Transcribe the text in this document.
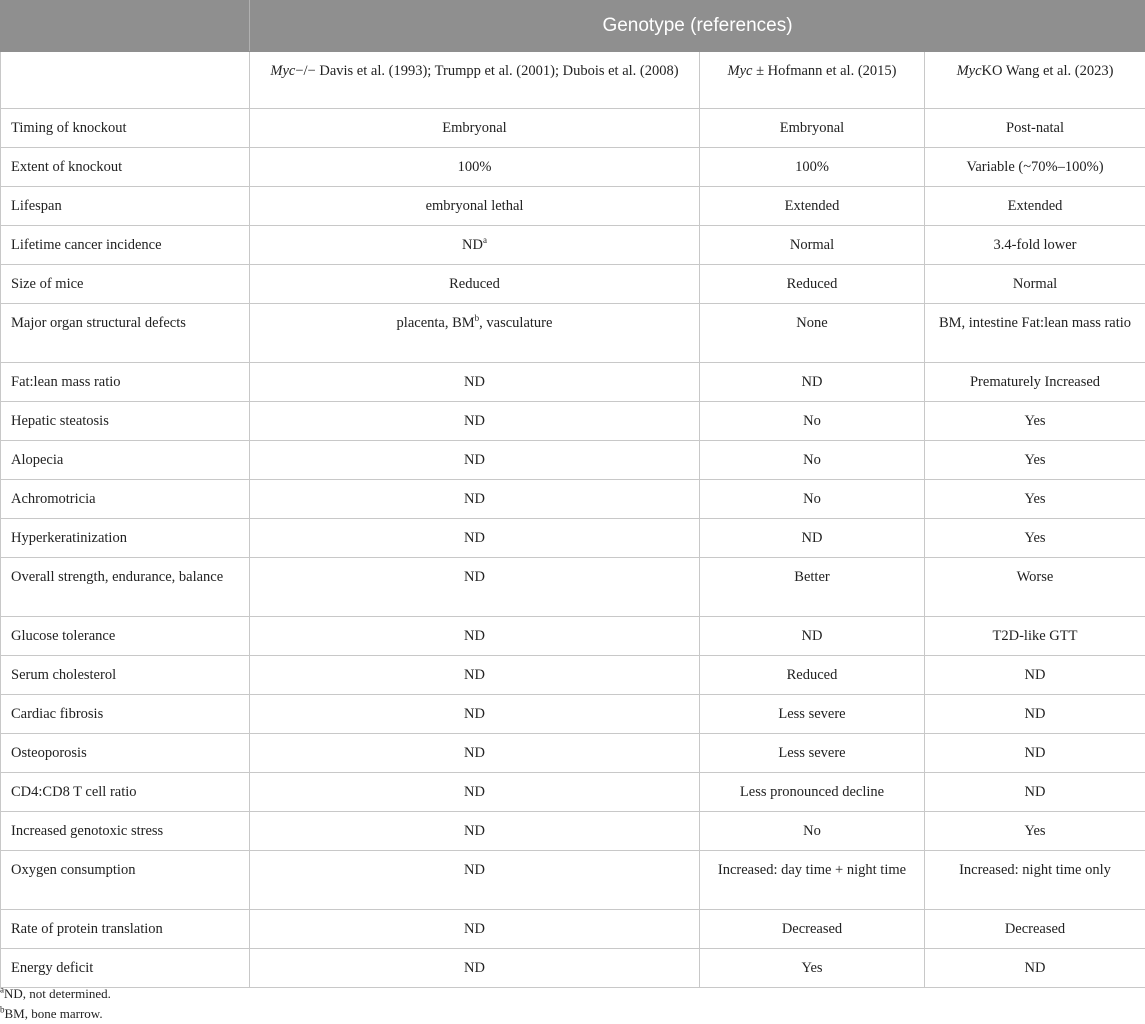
	Genotype (references)		
	Myc−/− Davis et al. (1993); Trumpp et al. (2001); Dubois et al. (2008)	Myc ± Hofmann et al. (2015)	MycKO Wang et al. (2023)
Timing of knockout	Embryonal	Embryonal	Post-natal
Extent of knockout	100%	100%	Variable (~70%–100%)
Lifespan	embryonal lethal	Extended	Extended
Lifetime cancer incidence	$ND^a$	Normal	3.4-fold lower
Size of mice	Reduced	Reduced	Normal
Major organ structural defects	placenta, $BM^b$, vasculature	None	BM, intestine Fat:lean mass ratio
Fat:lean mass ratio	ND	ND	Prematurely Increased
Hepatic steatosis	ND	No	Yes
Alopecia	ND	No	Yes
Achromotricia	ND	No	Yes
Hyperkeratinization	ND	ND	Yes
Overall strength, endurance, balance	ND	Better	Worse
Glucose tolerance	ND	ND	T2D-like GTT
Serum cholesterol	ND	Reduced	ND
Cardiac fibrosis	ND	Less severe	ND
Osteoporosis	ND	Less severe	ND
CD4:CD8 T cell ratio	ND	Less pronounced decline	ND
Increased genotoxic stress	ND	No	Yes
Oxygen consumption	ND	Increased: day time + night time	Increased: night time only
Rate of protein translation	ND	Decreased	Decreased
Energy deficit	ND	Yes	ND
$^a$ND, not determined.
$^b$BM, bone marrow.
